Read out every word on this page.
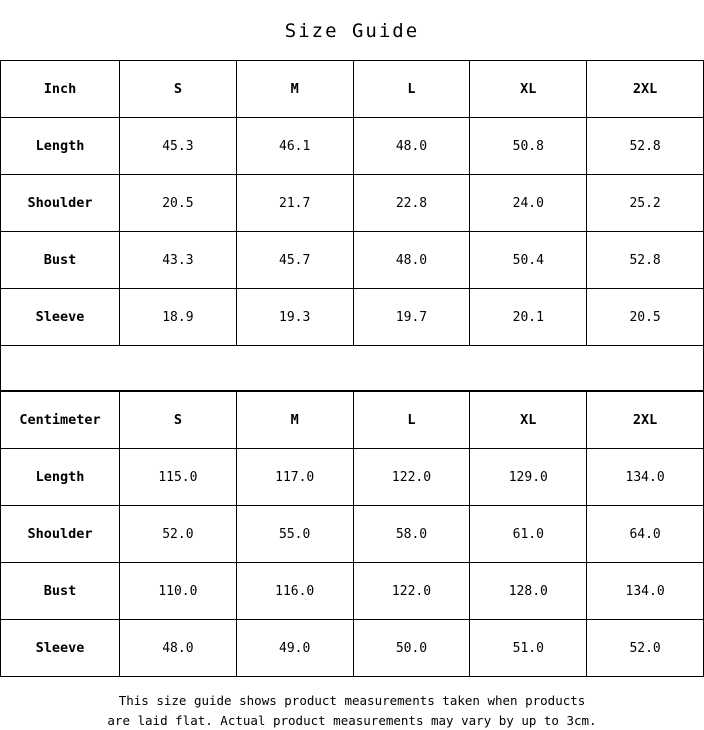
Size Guide
Inch	S	M	L	XL	2XL
Length	45.3	46.1	48.0	50.8	52.8
Shoulder	20.5	21.7	22.8	24.0	25.2
Bust	43.3	45.7	48.0	50.4	52.8
Sleeve	18.9	19.3	19.7	20.1	20.5
Centimeter	S	M	L	XL	2XL
Length	115.0	117.0	122.0	129.0	134.0
Shoulder	52.0	55.0	58.0	61.0	64.0
Bust	110.0	116.0	122.0	128.0	134.0
Sleeve	48.0	49.0	50.0	51.0	52.0
This size guide shows product measurements taken when products
are laid flat. Actual product measurements may vary by up to 3cm.
